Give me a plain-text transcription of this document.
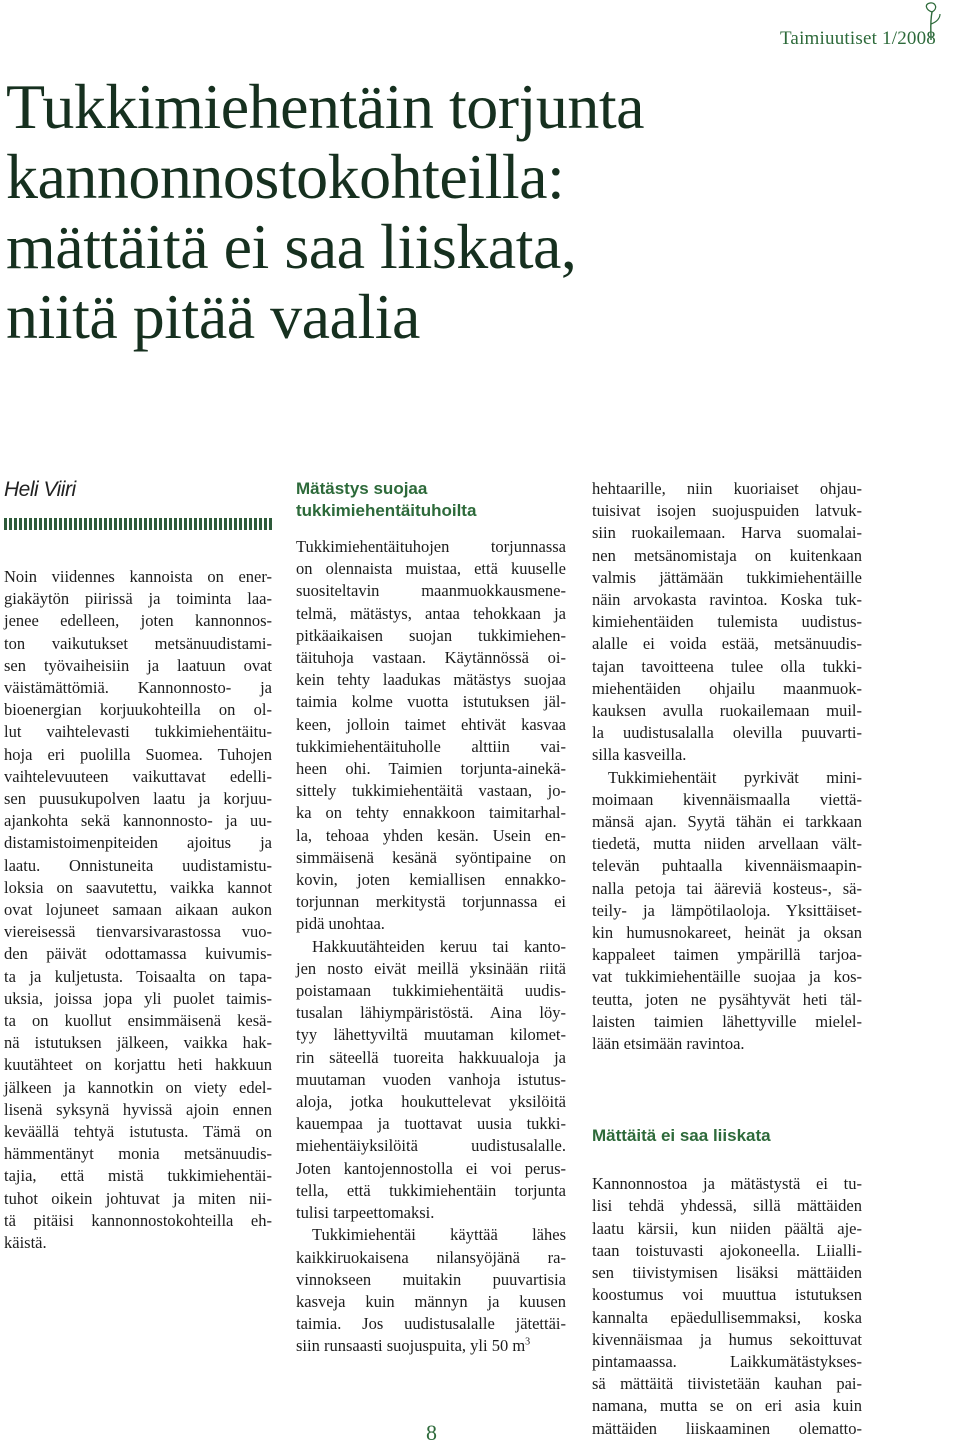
Taimiuutiset 1/2008
Tukkimiehentäin torjunta
kannonnostokohteilla:
mättäitä ei saa liiskata,
niitä pitää vaalia

Heli Viiri

Noin viidennes kannoista on ener-
giakäytön piirissä ja toiminta laa-
jenee edelleen, joten kannonnos-
ton vaikutukset metsänuudistami-
sen työvaiheisiin ja laatuun ovat
väistämättömiä. Kannonnosto- ja
bioenergian korjuukohteilla on ol-
lut vaihtelevasti tukkimiehentäitu-
hoja eri puolilla Suomea. Tuhojen
vaihtelevuuteen vaikuttavat edelli-
sen puusukupolven laatu ja korjuu-
ajankohta sekä kannonnosto- ja uu-
distamistoimenpiteiden ajoitus ja
laatu. Onnistuneita uudistamistu-
loksia on saavutettu, vaikka kannot
ovat lojuneet samaan aikaan aukon
viereisessä tienvarsivarastossa vuo-
den päivät odottamassa kuivumis-
ta ja kuljetusta. Toisaalta on tapa-
uksia, joissa jopa yli puolet taimis-
ta on kuollut ensimmäisenä kesä-
nä istutuksen jälkeen, vaikka hak-
kuutähteet on korjattu heti hakkuun
jälkeen ja kannotkin on viety edel-
lisenä syksynä hyvissä ajoin ennen
keväällä tehtyä istutusta. Tämä on
hämmentänyt monia metsänuudis-
tajia, että mistä tukkimiehentäi-
tuhot oikein johtuvat ja miten nii-
tä pitäisi kannonnostokohteilla eh-
käistä.
Mätästys suojaa
tukkimiehentäituhoilta
Tukkimiehentäituhojen torjunnassa
on olennaista muistaa, että kuuselle
suositeltavin maanmuokkausmene-
telmä, mätästys, antaa tehokkaan ja
pitkäaikaisen suojan tukkimiehen-
täituhoja vastaan. Käytännössä oi-
kein tehty laadukas mätästys suojaa
taimia kolme vuotta istutuksen jäl-
keen, jolloin taimet ehtivät kasvaa
tukkimiehentäituholle alttiin vai-
heen ohi. Taimien torjunta-ainekä-
sittely tukkimiehentäitä vastaan, jo-
ka on tehty ennakkoon taimitarhal-
la, tehoaa yhden kesän. Usein en-
simmäisenä kesänä syöntipaine on
kovin, joten kemiallisen ennakko-
torjunnan merkitystä torjunnassa ei
pidä unohtaa.
Hakkuutähteiden keruu tai kanto-
jen nosto eivät meillä yksinään riitä
poistamaan tukkimiehentäitä uudis-
tusalan lähiympäristöstä. Aina löy-
tyy lähettyviltä muutaman kilomet-
rin säteellä tuoreita hakkuualoja ja
muutaman vuoden vanhoja istutus-
aloja, jotka houkuttelevat yksilöitä
kauempaa ja tuottavat uusia tukki-
miehentäiyksilöitä uudistusalalle.
Joten kantojennostolla ei voi perus-
tella, että tukkimiehentäin torjunta
tulisi tarpeettomaksi.
Tukkimiehentäi käyttää lähes
kaikkiruokaisena nilansyöjänä ra-
vinnokseen muitakin puuvartisia
kasveja kuin männyn ja kuusen
taimia. Jos uudistusalalle jätettäi-
siin runsaasti suojuspuita, yli 50 $m^3$
hehtaarille, niin kuoriaiset ohjau-
tuisivat isojen suojuspuiden latvuk-
siin ruokailemaan. Harva suomalai-
nen metsänomistaja on kuitenkaan
valmis jättämään tukkimiehentäille
näin arvokasta ravintoa. Koska tuk-
kimiehentäiden tulemista uudistus-
alalle ei voida estää, metsänuudis-
tajan tavoitteena tulee olla tukki-
miehentäiden ohjailu maanmuok-
kauksen avulla ruokailemaan muil-
la uudistusalalla olevilla puuvarti-
silla kasveilla.
Tukkimiehentäit pyrkivät mini-
moimaan kivennäismaalla viettä-
mänsä ajan. Syytä tähän ei tarkkaan
tiedetä, mutta niiden arvellaan vält-
televän puhtaalla kivennäismaapin-
nalla petoja tai ääreviä kosteus-, sä-
teily- ja lämpötilaoloja. Yksittäiset-
kin humusnokareet, heinät ja oksan
kappaleet taimen ympärillä tarjoa-
vat tukkimiehentäille suojaa ja kos-
teutta, joten ne pysähtyvät heti täl-
laisten taimien lähettyville mielel-
lään etsimään ravintoa.
Mättäitä ei saa liiskata
Kannonnostoa ja mätästystä ei tu-
lisi tehdä yhdessä, sillä mättäiden
laatu kärsii, kun niiden päältä aje-
taan toistuvasti ajokoneella. Liialli-
sen tiivistymisen lisäksi mättäiden
koostumus voi muuttua istutuksen
kannalta epäedullisemmaksi, koska
kivennäismaa ja humus sekoittuvat
pintamaassa. Laikkumätästykses-
sä mättäitä tiivistetään kauhan pai-
namana, mutta se on eri asia kuin
mättäiden liiskaaminen olematto-
8
